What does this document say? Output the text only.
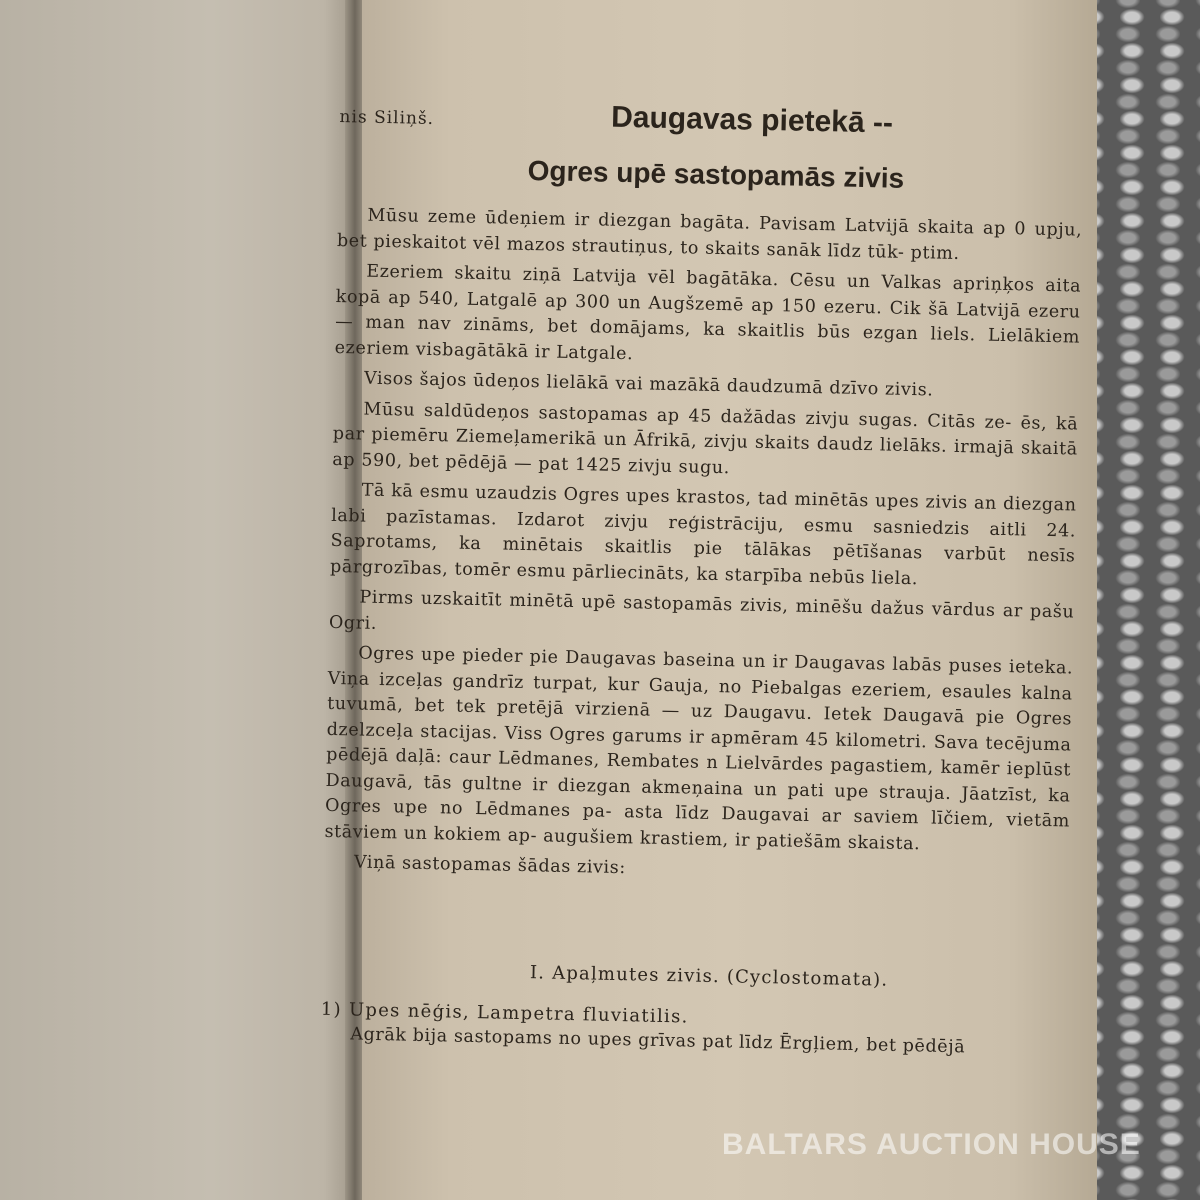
nis Siliņš.	Daugavas pietekā --
Ogres upē sastopamās zivis

Mūsu zeme ūdeņiem ir diezgan bagāta. Pavisam Latvijā skaita ap 0 upju, bet pieskaitot vēl mazos strautiņus, to skaits sanāk līdz tūk- ptim.

Ezeriem skaitu ziņā Latvija vēl bagātāka. Cēsu un Valkas apriņķos aita kopā ap 540, Latgalē ap 300 un Augšzemē ap 150 ezeru. Cik šā Latvijā ezeru — man nav zināms, bet domājams, ka skaitlis būs ezgan liels. Lielākiem ezeriem visbagātākā ir Latgale.

Visos šajos ūdeņos lielākā vai mazākā daudzumā dzīvo zivis.

Mūsu saldūdeņos sastopamas ap 45 dažādas zivju sugas. Citās ze- ēs, kā par piemēru Ziemeļamerikā un Āfrikā, zivju skaits daudz lielāks. irmajā skaitā ap 590, bet pēdējā — pat 1425 zivju sugu.

Tā kā esmu uzaudzis Ogres upes krastos, tad minētās upes zivis an diezgan labi pazīstamas. Izdarot zivju reģistrāciju, esmu sasniedzis aitli 24. Saprotams, ka minētais skaitlis pie tālākas pētīšanas varbūt nesīs pārgrozības, tomēr esmu pārliecināts, ka starpība nebūs liela.

Pirms uzskaitīt minētā upē sastopamās zivis, minēšu dažus vārdus ar pašu Ogri.

Ogres upe pieder pie Daugavas baseina un ir Daugavas labās puses ieteka. Viņa izceļas gandrīz turpat, kur Gauja, no Piebalgas ezeriem, esaules kalna tuvumā, bet tek pretējā virzienā — uz Daugavu. Ietek Daugavā pie Ogres dzelzceļa stacijas. Viss Ogres garums ir apmēram 45 kilometri. Sava tecējuma pēdējā daļā: caur Lēdmanes, Rembates n Lielvārdes pagastiem, kamēr ieplūst Daugavā, tās gultne ir diezgan akmeņaina un pati upe strauja. Jāatzīst, ka Ogres upe no Lēdmanes pa- asta līdz Daugavai ar saviem līčiem, vietām stāviem un kokiem ap- augušiem krastiem, ir patiešām skaista.

Viņā sastopamas šādas zivis:

I. Apaļmutes zivis. (Cyclostomata).
1) Upes nēģis, Lampetra fluviatilis.
Agrāk bija sastopams no upes grīvas pat līdz Ērgļiem, bet pēdējā
BALTARS AUCTION HOUSE
